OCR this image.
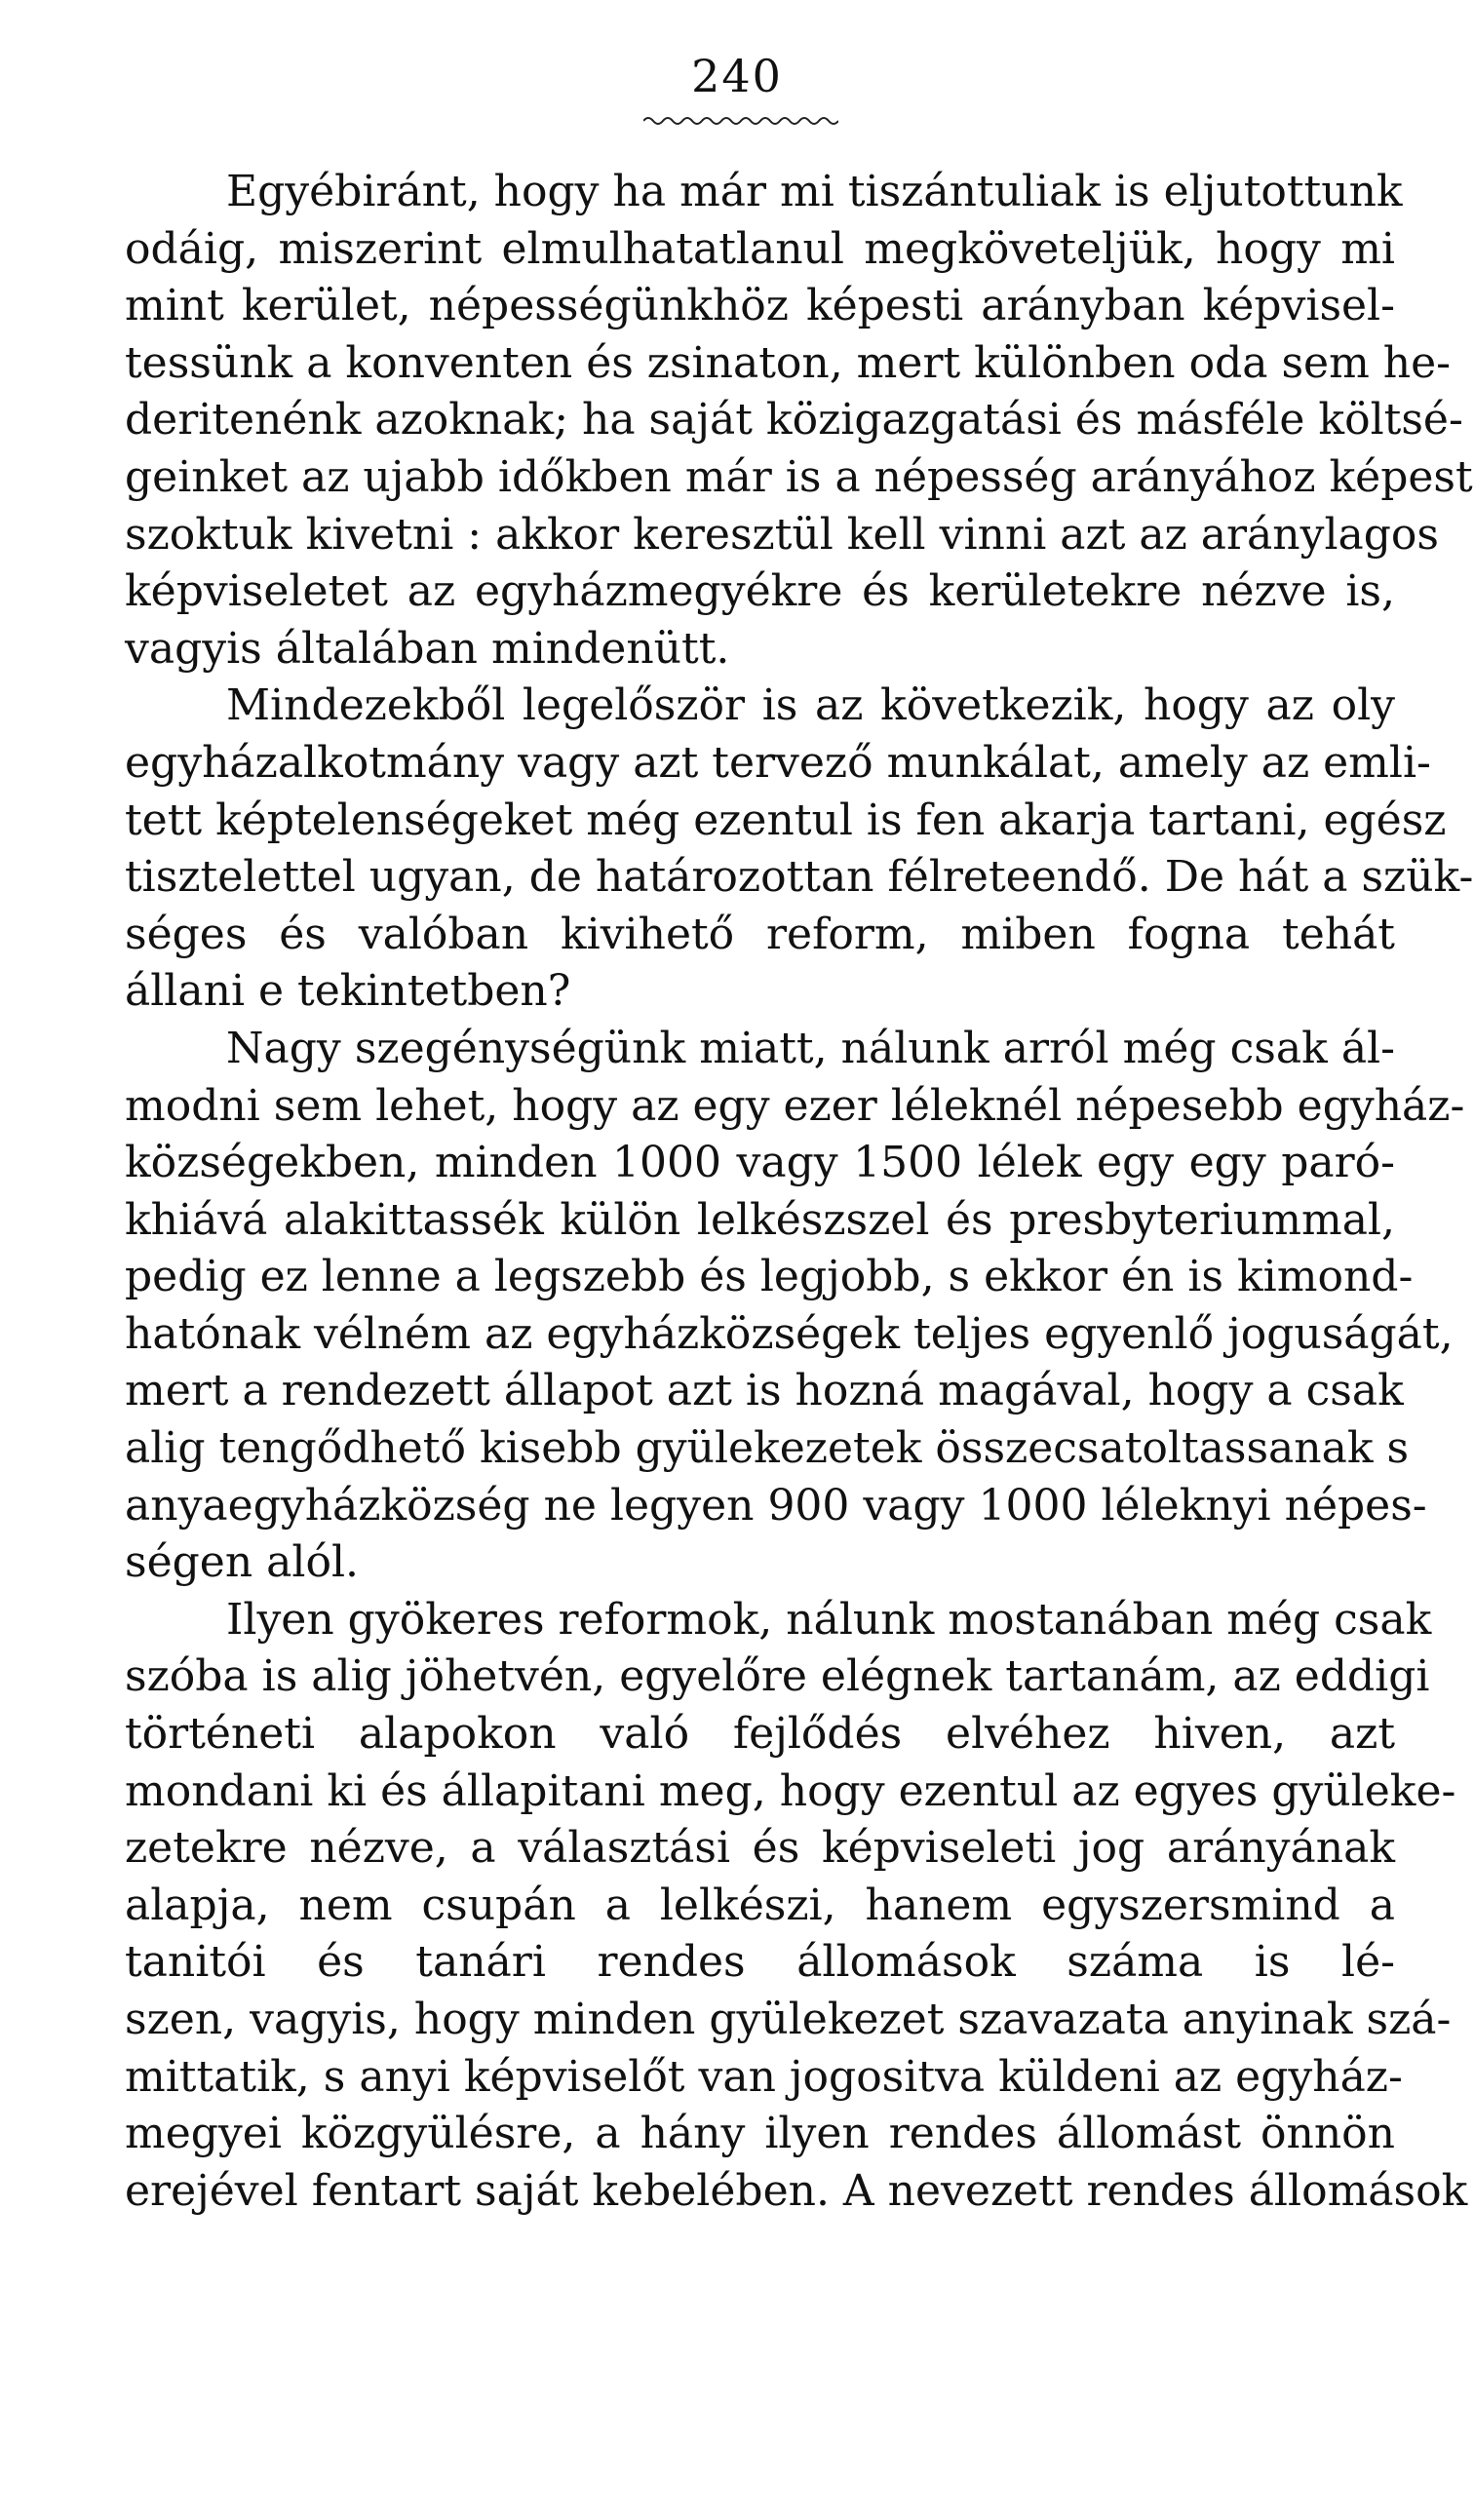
240
Egyébiránt, hogy ha már mi tiszántuliak is eljutottunk
odáig, miszerint elmulhatatlanul megköveteljük, hogy mi
mint kerület, népességünkhöz képesti arányban képvisel-
tessünk a konventen és zsinaton, mert különben oda sem he-
deritenénk azoknak; ha saját közigazgatási és másféle költsé-
geinket az ujabb időkben már is a népesség arányához képest
szoktuk kivetni : akkor keresztül kell vinni azt az aránylagos
képviseletet az egyházmegyékre és kerületekre nézve is,
vagyis általában mindenütt.
Mindezekből legelőször is az következik, hogy az oly
egyházalkotmány vagy azt tervező munkálat, amely az emli-
tett képtelenségeket még ezentul is fen akarja tartani, egész
tisztelettel ugyan, de határozottan félreteendő. De hát a szük-
séges és valóban kivihető reform, miben fogna tehát
állani e tekintetben?
Nagy szegénységünk miatt, nálunk arról még csak ál-
modni sem lehet, hogy az egy ezer léleknél népesebb egyház-
községekben, minden 1000 vagy 1500 lélek egy egy paró-
khiává alakittassék külön lelkészszel és presbyteriummal,
pedig ez lenne a legszebb és legjobb, s ekkor én is kimond-
hatónak vélném az egyházközségek teljes egyenlő joguságát,
mert a rendezett állapot azt is hozná magával, hogy a csak
alig tengődhető kisebb gyülekezetek összecsatoltassanak s
anyaegyházközség ne legyen 900 vagy 1000 léleknyi népes-
ségen alól.
Ilyen gyökeres reformok, nálunk mostanában még csak
szóba is alig jöhetvén, egyelőre elégnek tartanám, az eddigi
történeti alapokon való fejlődés elvéhez hiven, azt
mondani ki és állapitani meg, hogy ezentul az egyes gyüleke-
zetekre nézve, a választási és képviseleti jog arányának
alapja, nem csupán a lelkészi, hanem egyszersmind a
tanitói és tanári rendes állomások száma is lé-
szen, vagyis, hogy minden gyülekezet szavazata anyinak szá-
mittatik, s anyi képviselőt van jogositva küldeni az egyház-
megyei közgyülésre, a hány ilyen rendes állomást önnön
erejével fentart saját kebelében. A nevezett rendes állomások
